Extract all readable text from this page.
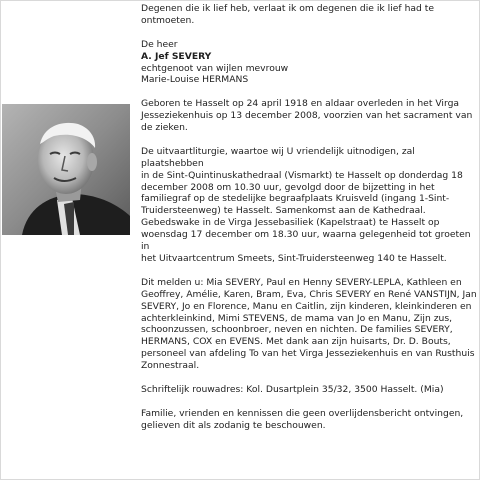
Degenen die ik lief heb, verlaat ik om degenen die ik lief had te
ontmoeten.

De heer

A. Jef SEVERY

echtgenoot van wijlen mevrouw

Marie-Louise HERMANS

Geboren te Hasselt op 24 april 1918 en aldaar overleden in het Virga
Jesseziekenhuis op 13 december 2008, voorzien van het sacrament van
de zieken.

De uitvaartliturgie, waartoe wij U vriendelijk uitnodigen, zal plaatshebben
in de Sint-Quintinuskathedraal (Vismarkt) te Hasselt op donderdag 18
december 2008 om 10.30 uur, gevolgd door de bijzetting in het
familiegraf op de stedelijke begraafplaats Kruisveld (ingang 1-Sint-
Truidersteenweg) te Hasselt. Samenkomst aan de Kathedraal.
Gebedswake in de Virga Jessebasiliek (Kapelstraat) te Hasselt op
woensdag 17 december om 18.30 uur, waarna gelegenheid tot groeten in
het Uitvaartcentrum Smeets, Sint-Truidersteenweg 140 te Hasselt.

Dit melden u: Mia SEVERY, Paul en Henny SEVERY-LEPLA, Kathleen en
Geoffrey, Amélie, Karen, Bram, Eva, Chris SEVERY en René VANSTIJN, Jan
SEVERY, Jo en Florence, Manu en Caitlin, zijn kinderen, kleinkinderen en
achterkleinkind, Mimi STEVENS, de mama van Jo en Manu, Zijn zus,
schoonzussen, schoonbroer, neven en nichten. De families SEVERY,
HERMANS, COX en EVENS. Met dank aan zijn huisarts, Dr. D. Bouts,
personeel van afdeling To van het Virga Jesseziekenhuis en van Rusthuis
Zonnestraal.

Schriftelijk rouwadres: Kol. Dusartplein 35/32, 3500 Hasselt. (Mia)

Familie, vrienden en kennissen die geen overlijdensbericht ontvingen,
gelieven dit als zodanig te beschouwen.
